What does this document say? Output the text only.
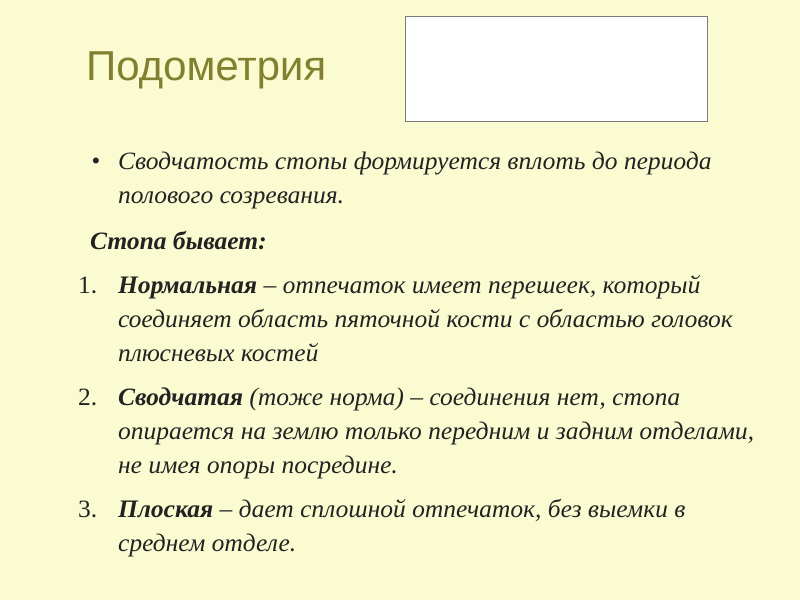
Подометрия
• Сводчатость стопы формируется вплоть до периода полового созревания.
Стопа бывает:
1. Нормальная – отпечаток имеет перешеек, который соединяет область пяточной кости с областью головок плюсневых костей
2. Сводчатая (тоже норма) – соединения нет, стопа опирается на землю только передним и задним отделами, не имея опоры посредине.
3. Плоская – дает сплошной отпечаток, без выемки в среднем отделе.
